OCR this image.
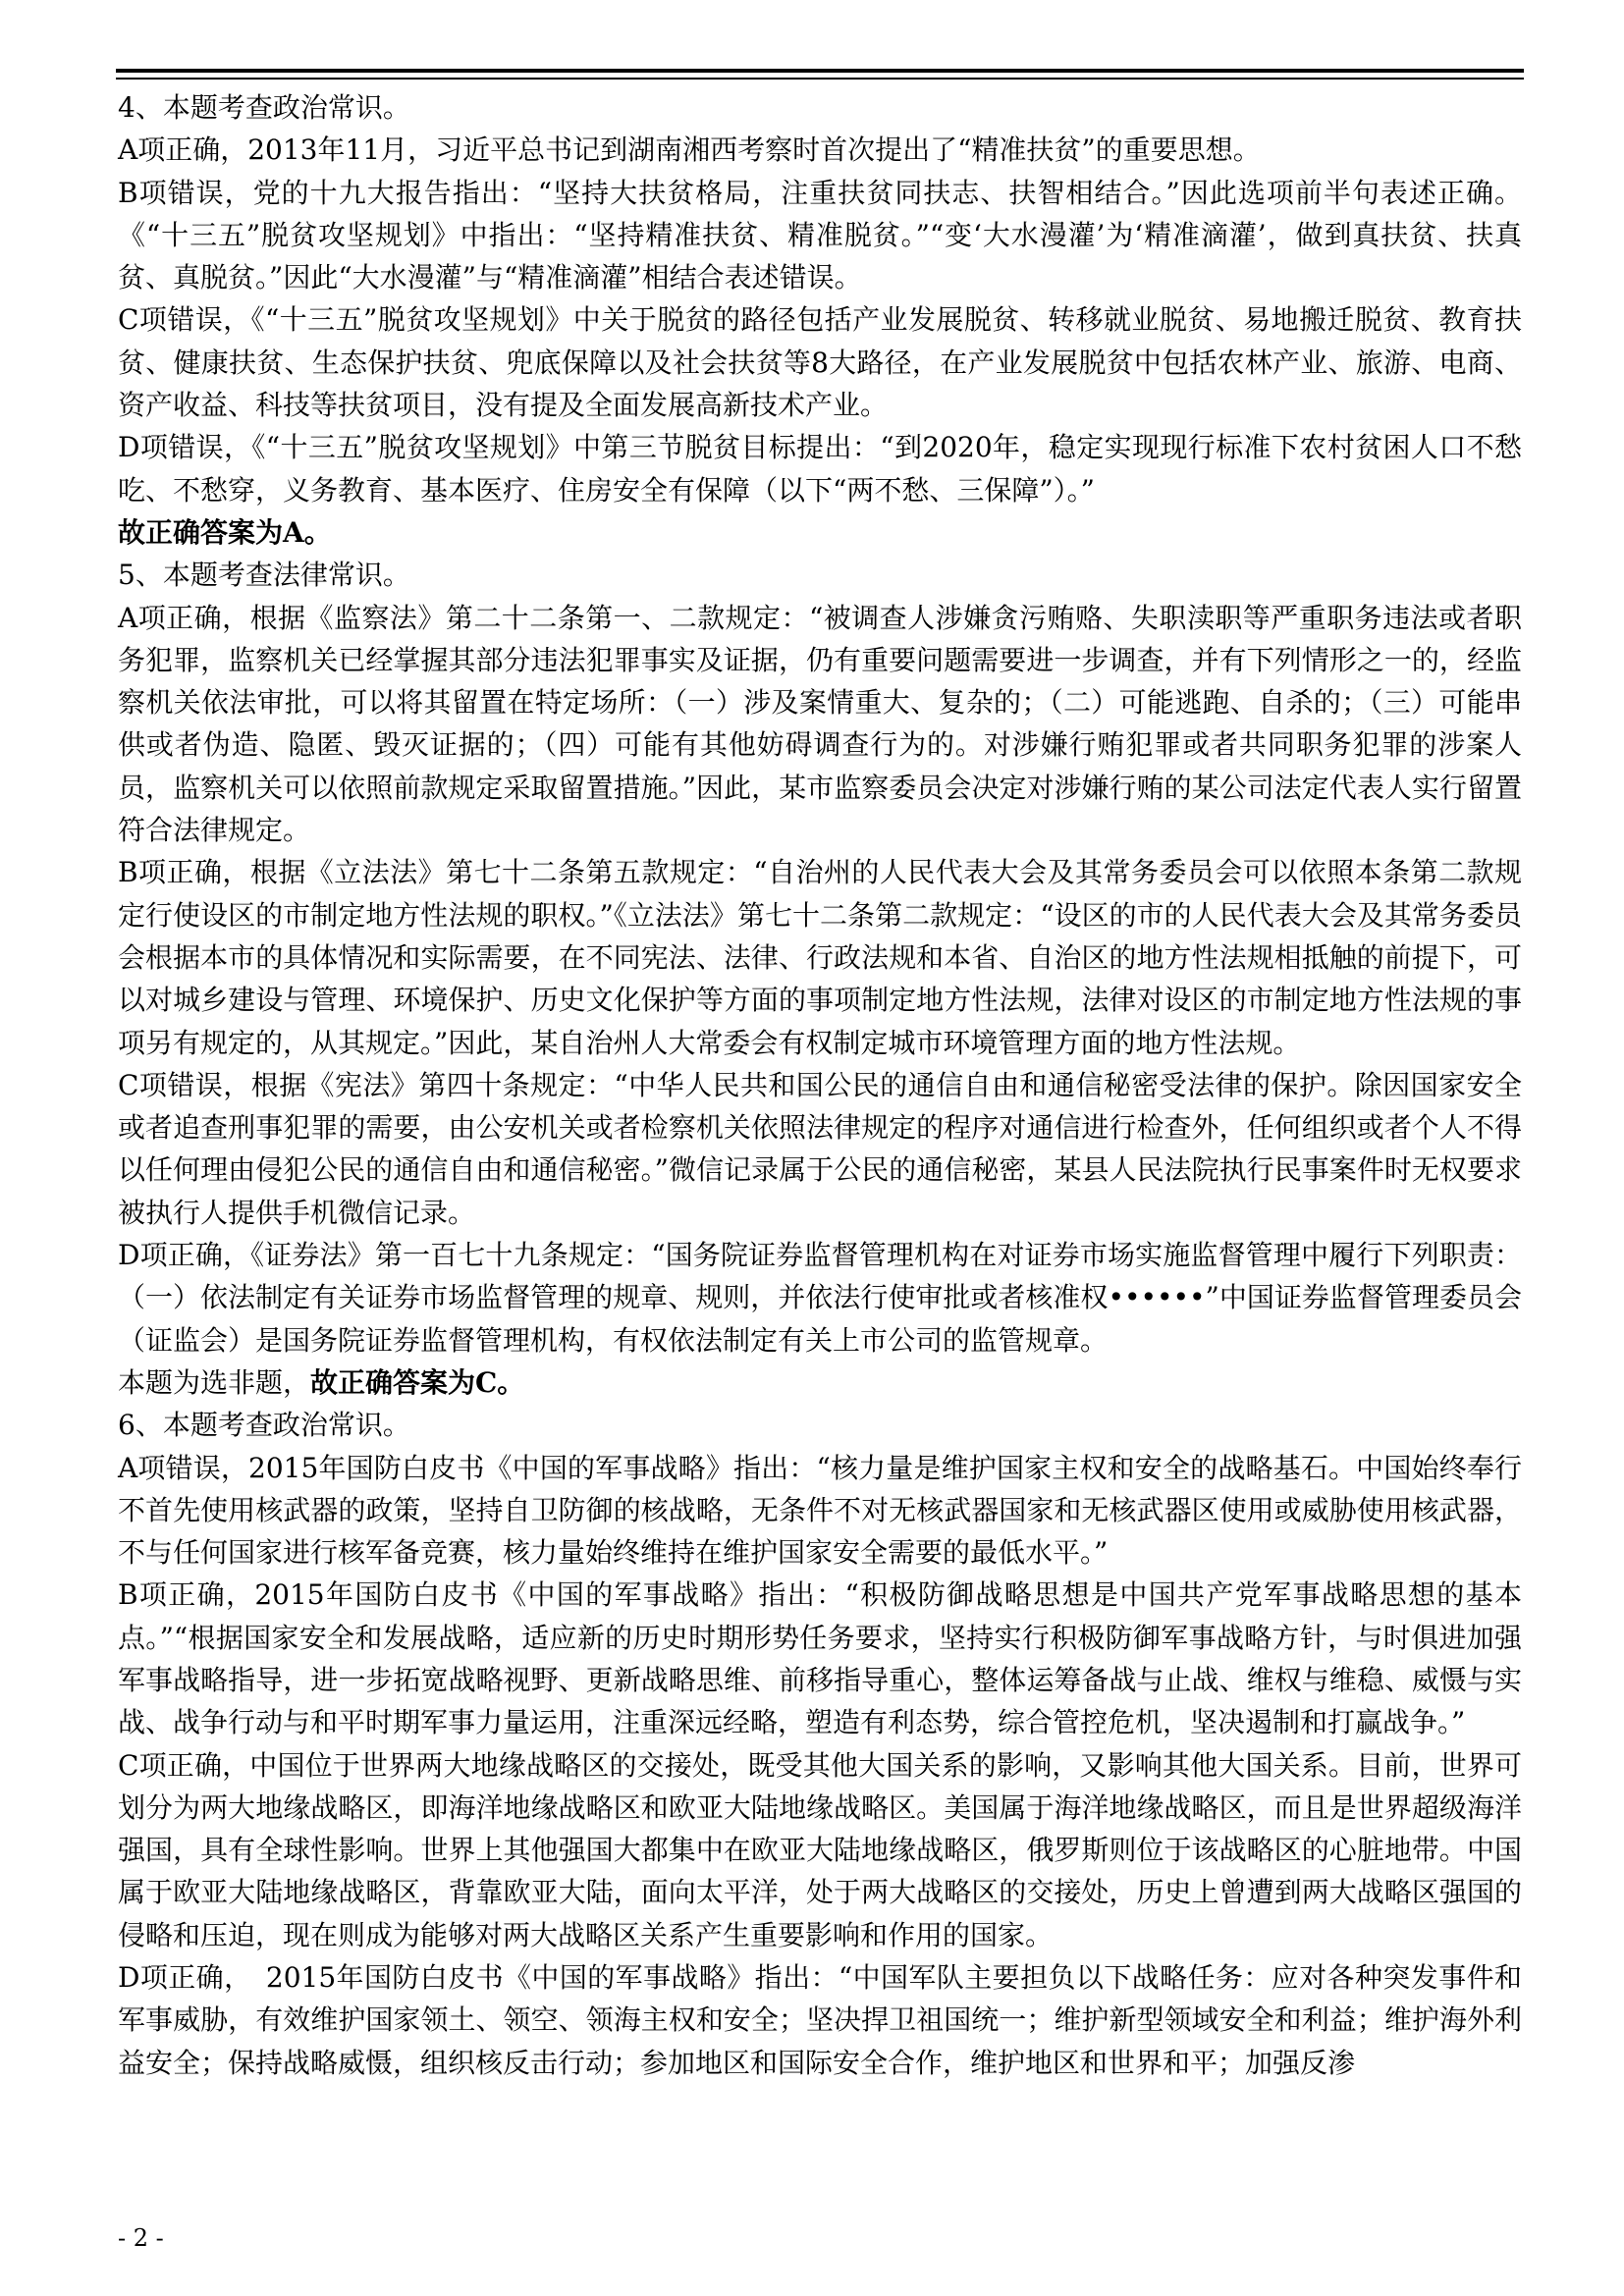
4、本题考查政治常识。

A项正确，2013年11月，习近平总书记到湖南湘西考察时首次提出了“精准扶贫”的重要思想。

B项错误，党的十九大报告指出：“坚持大扶贫格局，注重扶贫同扶志、扶智相结合。”因此选项前半句表述正确。《“十三五”脱贫攻坚规划》中指出：“坚持精准扶贫、精准脱贫。”“变‘大水漫灌’为‘精准滴灌’，做到真扶贫、扶真贫、真脱贫。”因此“大水漫灌”与“精准滴灌”相结合表述错误。

C项错误，《“十三五”脱贫攻坚规划》中关于脱贫的路径包括产业发展脱贫、转移就业脱贫、易地搬迁脱贫、教育扶贫、健康扶贫、生态保护扶贫、兜底保障以及社会扶贫等8大路径，在产业发展脱贫中包括农林产业、旅游、电商、资产收益、科技等扶贫项目，没有提及全面发展高新技术产业。

D项错误，《“十三五”脱贫攻坚规划》中第三节脱贫目标提出：“到2020年，稳定实现现行标准下农村贫困人口不愁吃、不愁穿，义务教育、基本医疗、住房安全有保障（以下“两不愁、三保障”）。”

故正确答案为A。

5、本题考查法律常识。

A项正确，根据《监察法》第二十二条第一、二款规定：“被调查人涉嫌贪污贿赂、失职渎职等严重职务违法或者职务犯罪，监察机关已经掌握其部分违法犯罪事实及证据，仍有重要问题需要进一步调查，并有下列情形之一的，经监察机关依法审批，可以将其留置在特定场所：（一）涉及案情重大、复杂的；（二）可能逃跑、自杀的；（三）可能串供或者伪造、隐匿、毁灭证据的；（四）可能有其他妨碍调查行为的。对涉嫌行贿犯罪或者共同职务犯罪的涉案人员，监察机关可以依照前款规定采取留置措施。”因此，某市监察委员会决定对涉嫌行贿的某公司法定代表人实行留置符合法律规定。

B项正确，根据《立法法》第七十二条第五款规定：“自治州的人民代表大会及其常务委员会可以依照本条第二款规定行使设区的市制定地方性法规的职权。”《立法法》第七十二条第二款规定：“设区的市的人民代表大会及其常务委员会根据本市的具体情况和实际需要，在不同宪法、法律、行政法规和本省、自治区的地方性法规相抵触的前提下，可以对城乡建设与管理、环境保护、历史文化保护等方面的事项制定地方性法规，法律对设区的市制定地方性法规的事项另有规定的，从其规定。”因此，某自治州人大常委会有权制定城市环境管理方面的地方性法规。

C项错误，根据《宪法》第四十条规定：“中华人民共和国公民的通信自由和通信秘密受法律的保护。除因国家安全或者追查刑事犯罪的需要，由公安机关或者检察机关依照法律规定的程序对通信进行检查外，任何组织或者个人不得以任何理由侵犯公民的通信自由和通信秘密。”微信记录属于公民的通信秘密，某县人民法院执行民事案件时无权要求被执行人提供手机微信记录。

D项正确，《证券法》第一百七十九条规定：“国务院证券监督管理机构在对证券市场实施监督管理中履行下列职责：（一）依法制定有关证券市场监督管理的规章、规则，并依法行使审批或者核准权••••••”中国证券监督管理委员会（证监会）是国务院证券监督管理机构，有权依法制定有关上市公司的监管规章。

本题为选非题，故正确答案为C。

6、本题考查政治常识。

A项错误，2015年国防白皮书《中国的军事战略》指出：“核力量是维护国家主权和安全的战略基石。中国始终奉行不首先使用核武器的政策，坚持自卫防御的核战略，无条件不对无核武器国家和无核武器区使用或威胁使用核武器，不与任何国家进行核军备竞赛，核力量始终维持在维护国家安全需要的最低水平。”

B项正确，2015年国防白皮书《中国的军事战略》指出：“积极防御战略思想是中国共产党军事战略思想的基本点。”“根据国家安全和发展战略，适应新的历史时期形势任务要求，坚持实行积极防御军事战略方针，与时俱进加强军事战略指导，进一步拓宽战略视野、更新战略思维、前移指导重心，整体运筹备战与止战、维权与维稳、威慑与实战、战争行动与和平时期军事力量运用，注重深远经略，塑造有利态势，综合管控危机，坚决遏制和打赢战争。”

C项正确，中国位于世界两大地缘战略区的交接处，既受其他大国关系的影响，又影响其他大国关系。目前，世界可划分为两大地缘战略区，即海洋地缘战略区和欧亚大陆地缘战略区。美国属于海洋地缘战略区，而且是世界超级海洋强国，具有全球性影响。世界上其他强国大都集中在欧亚大陆地缘战略区，俄罗斯则位于该战略区的心脏地带。中国属于欧亚大陆地缘战略区，背靠欧亚大陆，面向太平洋，处于两大战略区的交接处，历史上曾遭到两大战略区强国的侵略和压迫，现在则成为能够对两大战略区关系产生重要影响和作用的国家。

D项正确，　2015年国防白皮书《中国的军事战略》指出：“中国军队主要担负以下战略任务：应对各种突发事件和军事威胁，有效维护国家领土、领空、领海主权和安全；坚决捍卫祖国统一；维护新型领域安全和利益；维护海外利益安全；保持战略威慑，组织核反击行动；参加地区和国际安全合作，维护地区和世界和平；加强反渗

- 2 -
